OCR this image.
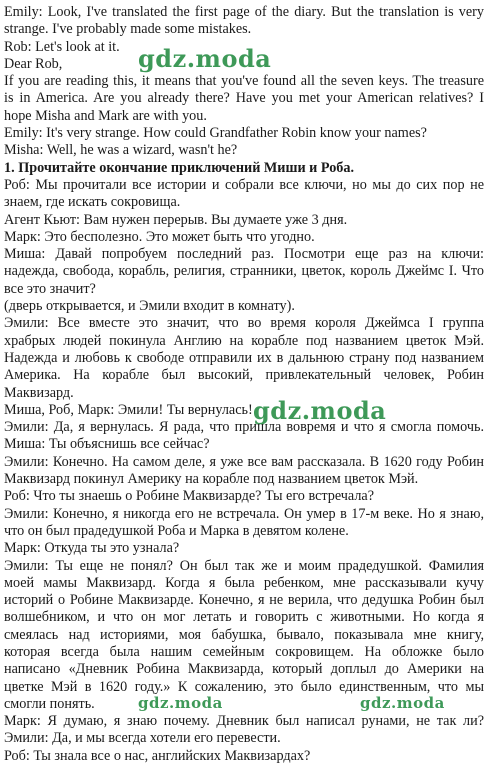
Emily: Look, I've translated the first page of the diary. But the translation is very
strange. I've probably made some mistakes.
Rob: Let's look at it.
Dear Rob,
If you are reading this, it means that you've found all the seven keys. The treasure
is in America. Are you already there? Have you met your American relatives? I
hope Misha and Mark are with you.
Emily: It's very strange. How could Grandfather Robin know your names?
Misha: Well, he was a wizard, wasn't he?
1. Прочитайте окончание приключений Миши и Роба.
Роб: Мы прочитали все истории и собрали все ключи, но мы до сих пор не
знаем, где искать сокровища.
Агент Кьют: Вам нужен перерыв. Вы думаете уже 3 дня.
Марк: Это бесполезно. Это может быть что угодно.
Миша: Давай попробуем последний раз. Посмотри еще раз на ключи:
надежда, свобода, корабль, религия, странники, цветок, король Джеймс I. Что
все это значит?
(дверь открывается, и Эмили входит в комнату).
Эмили: Все вместе это значит, что во время короля Джеймса I группа
храбрых людей покинула Англию на корабле под названием цветок Мэй.
Надежда и любовь к свободе отправили их в дальнюю страну под названием
Америка. На корабле был высокий, привлекательный человек, Робин
Маквизард.
Миша, Роб, Марк: Эмили! Ты вернулась!
Эмили: Да, я вернулась. Я рада, что пришла вовремя и что я смогла помочь.
Миша: Ты объяснишь все сейчас?
Эмили: Конечно. На самом деле, я уже все вам рассказала. В 1620 году Робин
Маквизард покинул Америку на корабле под названием цветок Мэй.
Роб: Что ты знаешь о Робине Маквизарде? Ты его встречала?
Эмили: Конечно, я никогда его не встречала. Он умер в 17-м веке. Но я знаю,
что он был прадедушкой Роба и Марка в девятом колене.
Марк: Откуда ты это узнала?
Эмили: Ты еще не понял? Он был так же и моим прадедушкой. Фамилия
моей мамы Маквизард. Когда я была ребенком, мне рассказывали кучу
историй о Робине Маквизарде. Конечно, я не верила, что дедушка Робин был
волшебником, и что он мог летать и говорить с животными. Но когда я
смеялась над историями, моя бабушка, бывало, показывала мне книгу,
которая всегда была нашим семейным сокровищем. На обложке было
написано «Дневник Робина Маквизарда, который доплыл до Америки на
цветке Мэй в 1620 году.» К сожалению, это было единственным, что мы
смогли понять.
Марк: Я думаю, я знаю почему. Дневник был написал рунами, не так ли?
Эмили: Да, и мы всегда хотели его перевести.
Роб: Ты знала все о нас, английских Маквизардах?
gdz.moda
gdz.moda
gdz.moda	gdz.moda
